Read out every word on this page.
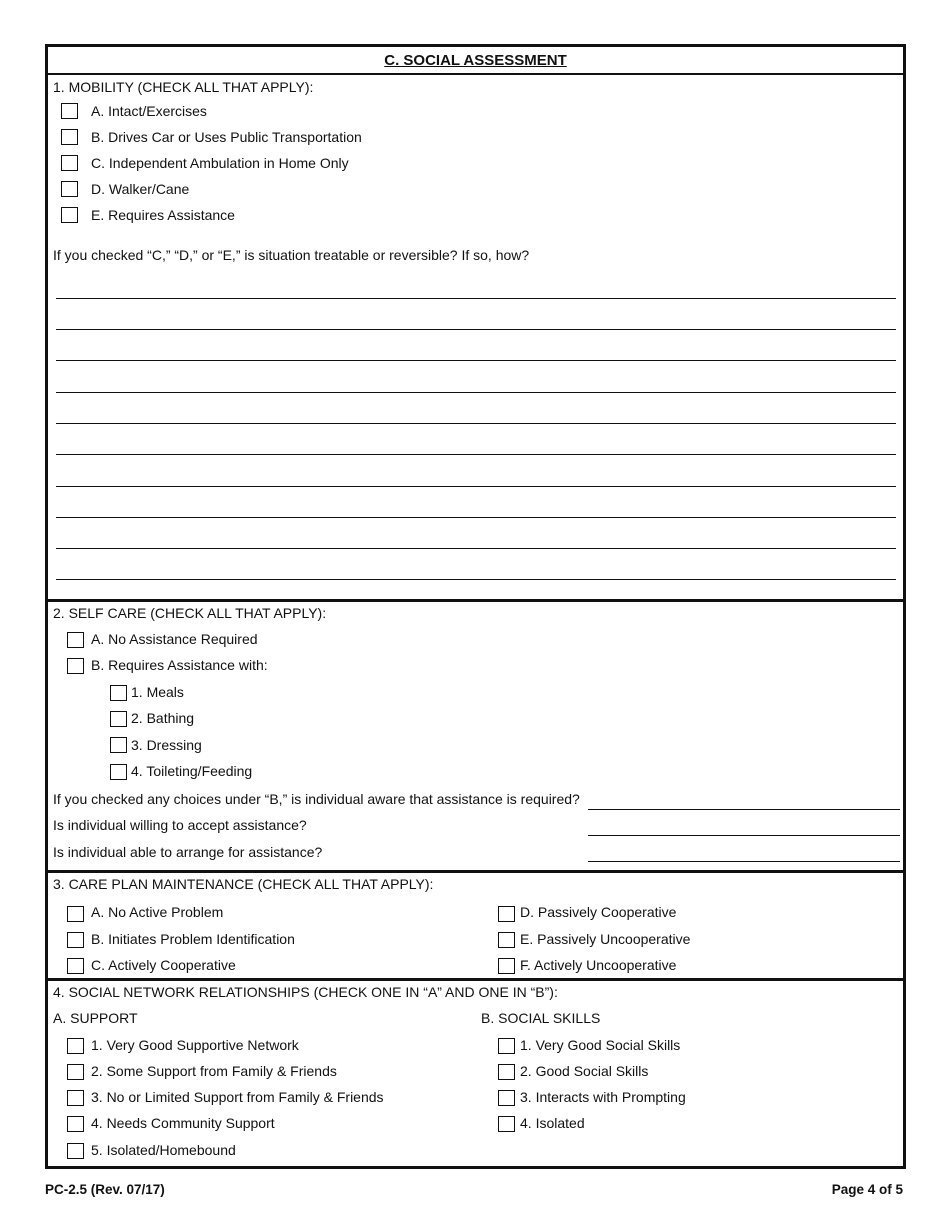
C. SOCIAL ASSESSMENT
1. MOBILITY (CHECK ALL THAT APPLY):
A. Intact/Exercises
B. Drives Car or Uses Public Transportation
C. Independent Ambulation in Home Only
D. Walker/Cane
E. Requires Assistance
If you checked “C,” “D,” or “E,” is situation treatable or reversible? If so, how?
2. SELF CARE (CHECK ALL THAT APPLY):
A. No Assistance Required
B. Requires Assistance with:
1. Meals
2. Bathing
3. Dressing
4. Toileting/Feeding
If you checked any choices under “B,” is individual aware that assistance is required?
Is individual willing to accept assistance?
Is individual able to arrange for assistance?
3. CARE PLAN MAINTENANCE (CHECK ALL THAT APPLY):
A. No Active Problem
B. Initiates Problem Identification
C. Actively Cooperative
D. Passively Cooperative
E. Passively Uncooperative
F. Actively Uncooperative
4. SOCIAL NETWORK RELATIONSHIPS (CHECK ONE IN “A” AND ONE IN “B”):
A. SUPPORT	B. SOCIAL SKILLS
1. Very Good Supportive Network
2. Some Support from Family & Friends
3. No or Limited Support from Family & Friends
4. Needs Community Support
5. Isolated/Homebound
1. Very Good Social Skills
2. Good Social Skills
3. Interacts with Prompting
4. Isolated
PC-2.5 (Rev. 07/17)	Page 4 of 5
